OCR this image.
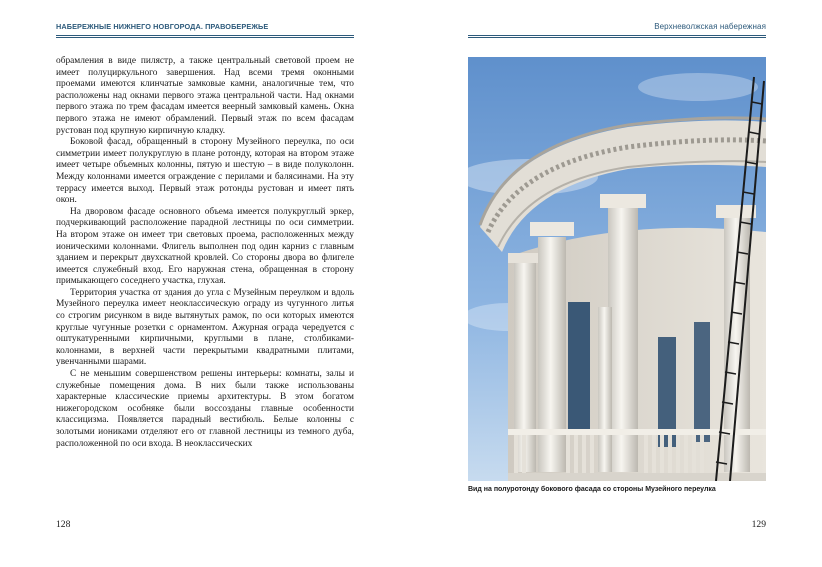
НАБЕРЕЖНЫЕ НИЖНЕГО НОВГОРОДА. ПРАВОБЕРЕЖЬЕ

обрамления в виде пилястр, а также центральный световой проем не имеет полуциркульного завершения. Над всеми тремя оконными проемами имеются клинчатые замковые камни, аналогичные тем, что расположены над окнами первого этажа центральной части. Над окнами первого этажа по трем фасадам имеется веерный замковый камень. Окна первого этажа не имеют обрамлений. Первый этаж по всем фасадам рустован под крупную кирпичную кладку.

Боковой фасад, обращенный в сторону Музейного переулка, по оси симметрии имеет полукруглую в плане ротонду, которая на втором этаже имеет четыре объемных колонны, пятую и шестую – в виде полуколонн. Между колоннами имеется ограждение с перилами и балясинами. На эту террасу имеется выход. Первый этаж ротонды рустован и имеет пять окон.

На дворовом фасаде основного объема имеется полукруглый эркер, подчеркивающий расположение парадной лестницы по оси симметрии. На втором этаже он имеет три световых проема, расположенных между ионическими колоннами. Флигель выполнен под один карниз с главным зданием и перекрыт двухскатной кровлей. Со стороны двора во флигеле имеется служебный вход. Его наружная стена, обращенная в сторону примыкающего соседнего участка, глухая.

Территория участка от здания до угла с Музейным переулком и вдоль Музейного переулка имеет неоклассическую ограду из чугунного литья со строгим рисунком в виде вытянутых рамок, по оси которых имеются круглые чугунные розетки с орнаментом. Ажурная ограда чередуется с оштукатуренными кирпичными, круглыми в плане, столбиками-колоннами, в верхней части перекрытыми квадратными плитами, увенчанными шарами.

С не меньшим совершенством решены интерьеры: комнаты, залы и служебные помещения дома. В них были также использованы характерные классические приемы архитектуры. В этом богатом нижегородском особняке были воссозданы главные особенности классицизма. Появляется парадный вестибюль. Белые колонны с золотыми иониками отделяют его от главной лестницы из темного дуба, расположенной по оси входа. В неоклассических

128
Верхневолжская набережная
Вид на полуротонду бокового фасада со стороны Музейного переулка
129
